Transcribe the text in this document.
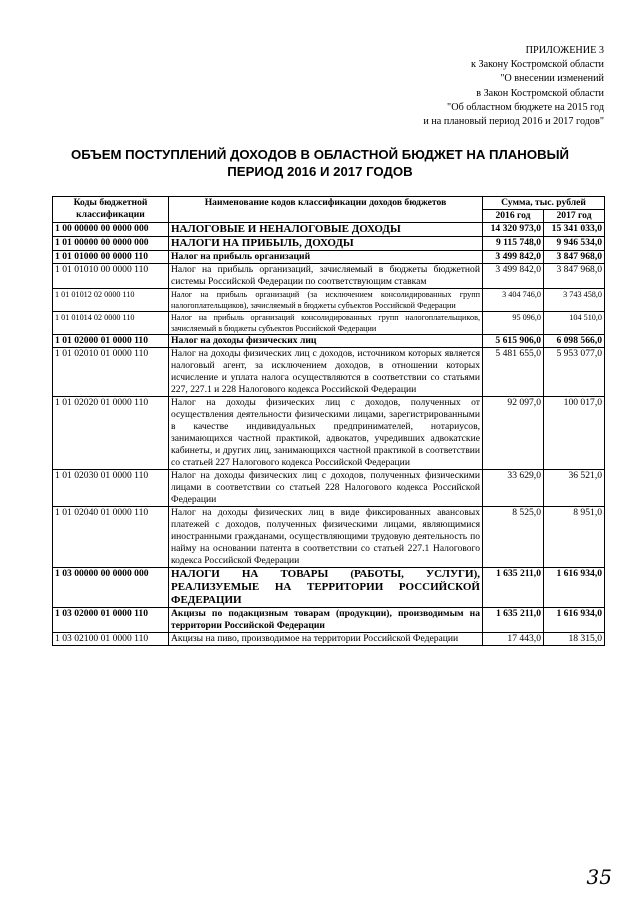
ПРИЛОЖЕНИЕ 3
к Закону Костромской области
"О внесении изменений
в Закон Костромской области
"Об областном бюджете на 2015 год
и на плановый период 2016 и 2017 годов"
ОБЪЕМ ПОСТУПЛЕНИЙ ДОХОДОВ В ОБЛАСТНОЙ БЮДЖЕТ НА ПЛАНОВЫЙ ПЕРИОД 2016 И 2017 ГОДОВ
Коды бюджетной классификации	Наименование кодов классификации доходов бюджетов	Сумма, тыс. рублей	
		2016 год	2017 год
1 00 00000 00 0000 000	НАЛОГОВЫЕ И НЕНАЛОГОВЫЕ ДОХОДЫ	14 320 973,0	15 341 033,0
1 01 00000 00 0000 000	НАЛОГИ НА ПРИБЫЛЬ, ДОХОДЫ	9 115 748,0	9 946 534,0
1 01 01000 00 0000 110	Налог на прибыль организаций	3 499 842,0	3 847 968,0
1 01 01010 00 0000 110	Налог на прибыль организаций, зачисляемый в бюджеты бюджетной системы Российской Федерации по соответствующим ставкам	3 499 842,0	3 847 968,0
1 01 01012 02 0000 110	Налог на прибыль организаций (за исключением консолидированных групп налогоплательщиков), зачисляемый в бюджеты субъектов Российской Федерации	3 404 746,0	3 743 458,0
1 01 01014 02 0000 110	Налог на прибыль организаций консолидированных групп налогоплательщиков, зачисляемый в бюджеты субъектов Российской Федерации	95 096,0	104 510,0
1 01 02000 01 0000 110	Налог на доходы физических лиц	5 615 906,0	6 098 566,0
1 01 02010 01 0000 110	Налог на доходы физических лиц с доходов, источником которых является налоговый агент, за исключением доходов, в отношении которых исчисление и уплата налога осуществляются в соответствии со статьями 227, 227.1 и 228 Налогового кодекса Российской Федерации	5 481 655,0	5 953 077,0
1 01 02020 01 0000 110	Налог на доходы физических лиц с доходов, полученных от осуществления деятельности физическими лицами, зарегистрированными в качестве индивидуальных предпринимателей, нотариусов, занимающихся частной практикой, адвокатов, учредивших адвокатские кабинеты, и других лиц, занимающихся частной практикой в соответствии со статьей 227 Налогового кодекса Российской Федерации	92 097,0	100 017,0
1 01 02030 01 0000 110	Налог на доходы физических лиц с доходов, полученных физическими лицами в соответствии со статьей 228 Налогового кодекса Российской Федерации	33 629,0	36 521,0
1 01 02040 01 0000 110	Налог на доходы физических лиц в виде фиксированных авансовых платежей с доходов, полученных физическими лицами, являющимися иностранными гражданами, осуществляющими трудовую деятельность по найму на основании патента в соответствии со статьей 227.1 Налогового кодекса Российской Федерации	8 525,0	8 951,0
1 03 00000 00 0000 000	НАЛОГИ НА ТОВАРЫ (РАБОТЫ, УСЛУГИ), РЕАЛИЗУЕМЫЕ НА ТЕРРИТОРИИ РОССИЙСКОЙ ФЕДЕРАЦИИ	1 635 211,0	1 616 934,0
1 03 02000 01 0000 110	Акцизы по подакцизным товарам (продукции), производимым на территории Российской Федерации	1 635 211,0	1 616 934,0
1 03 02100 01 0000 110	Акцизы на пиво, производимое на территории Российской Федерации	17 443,0	18 315,0
35
